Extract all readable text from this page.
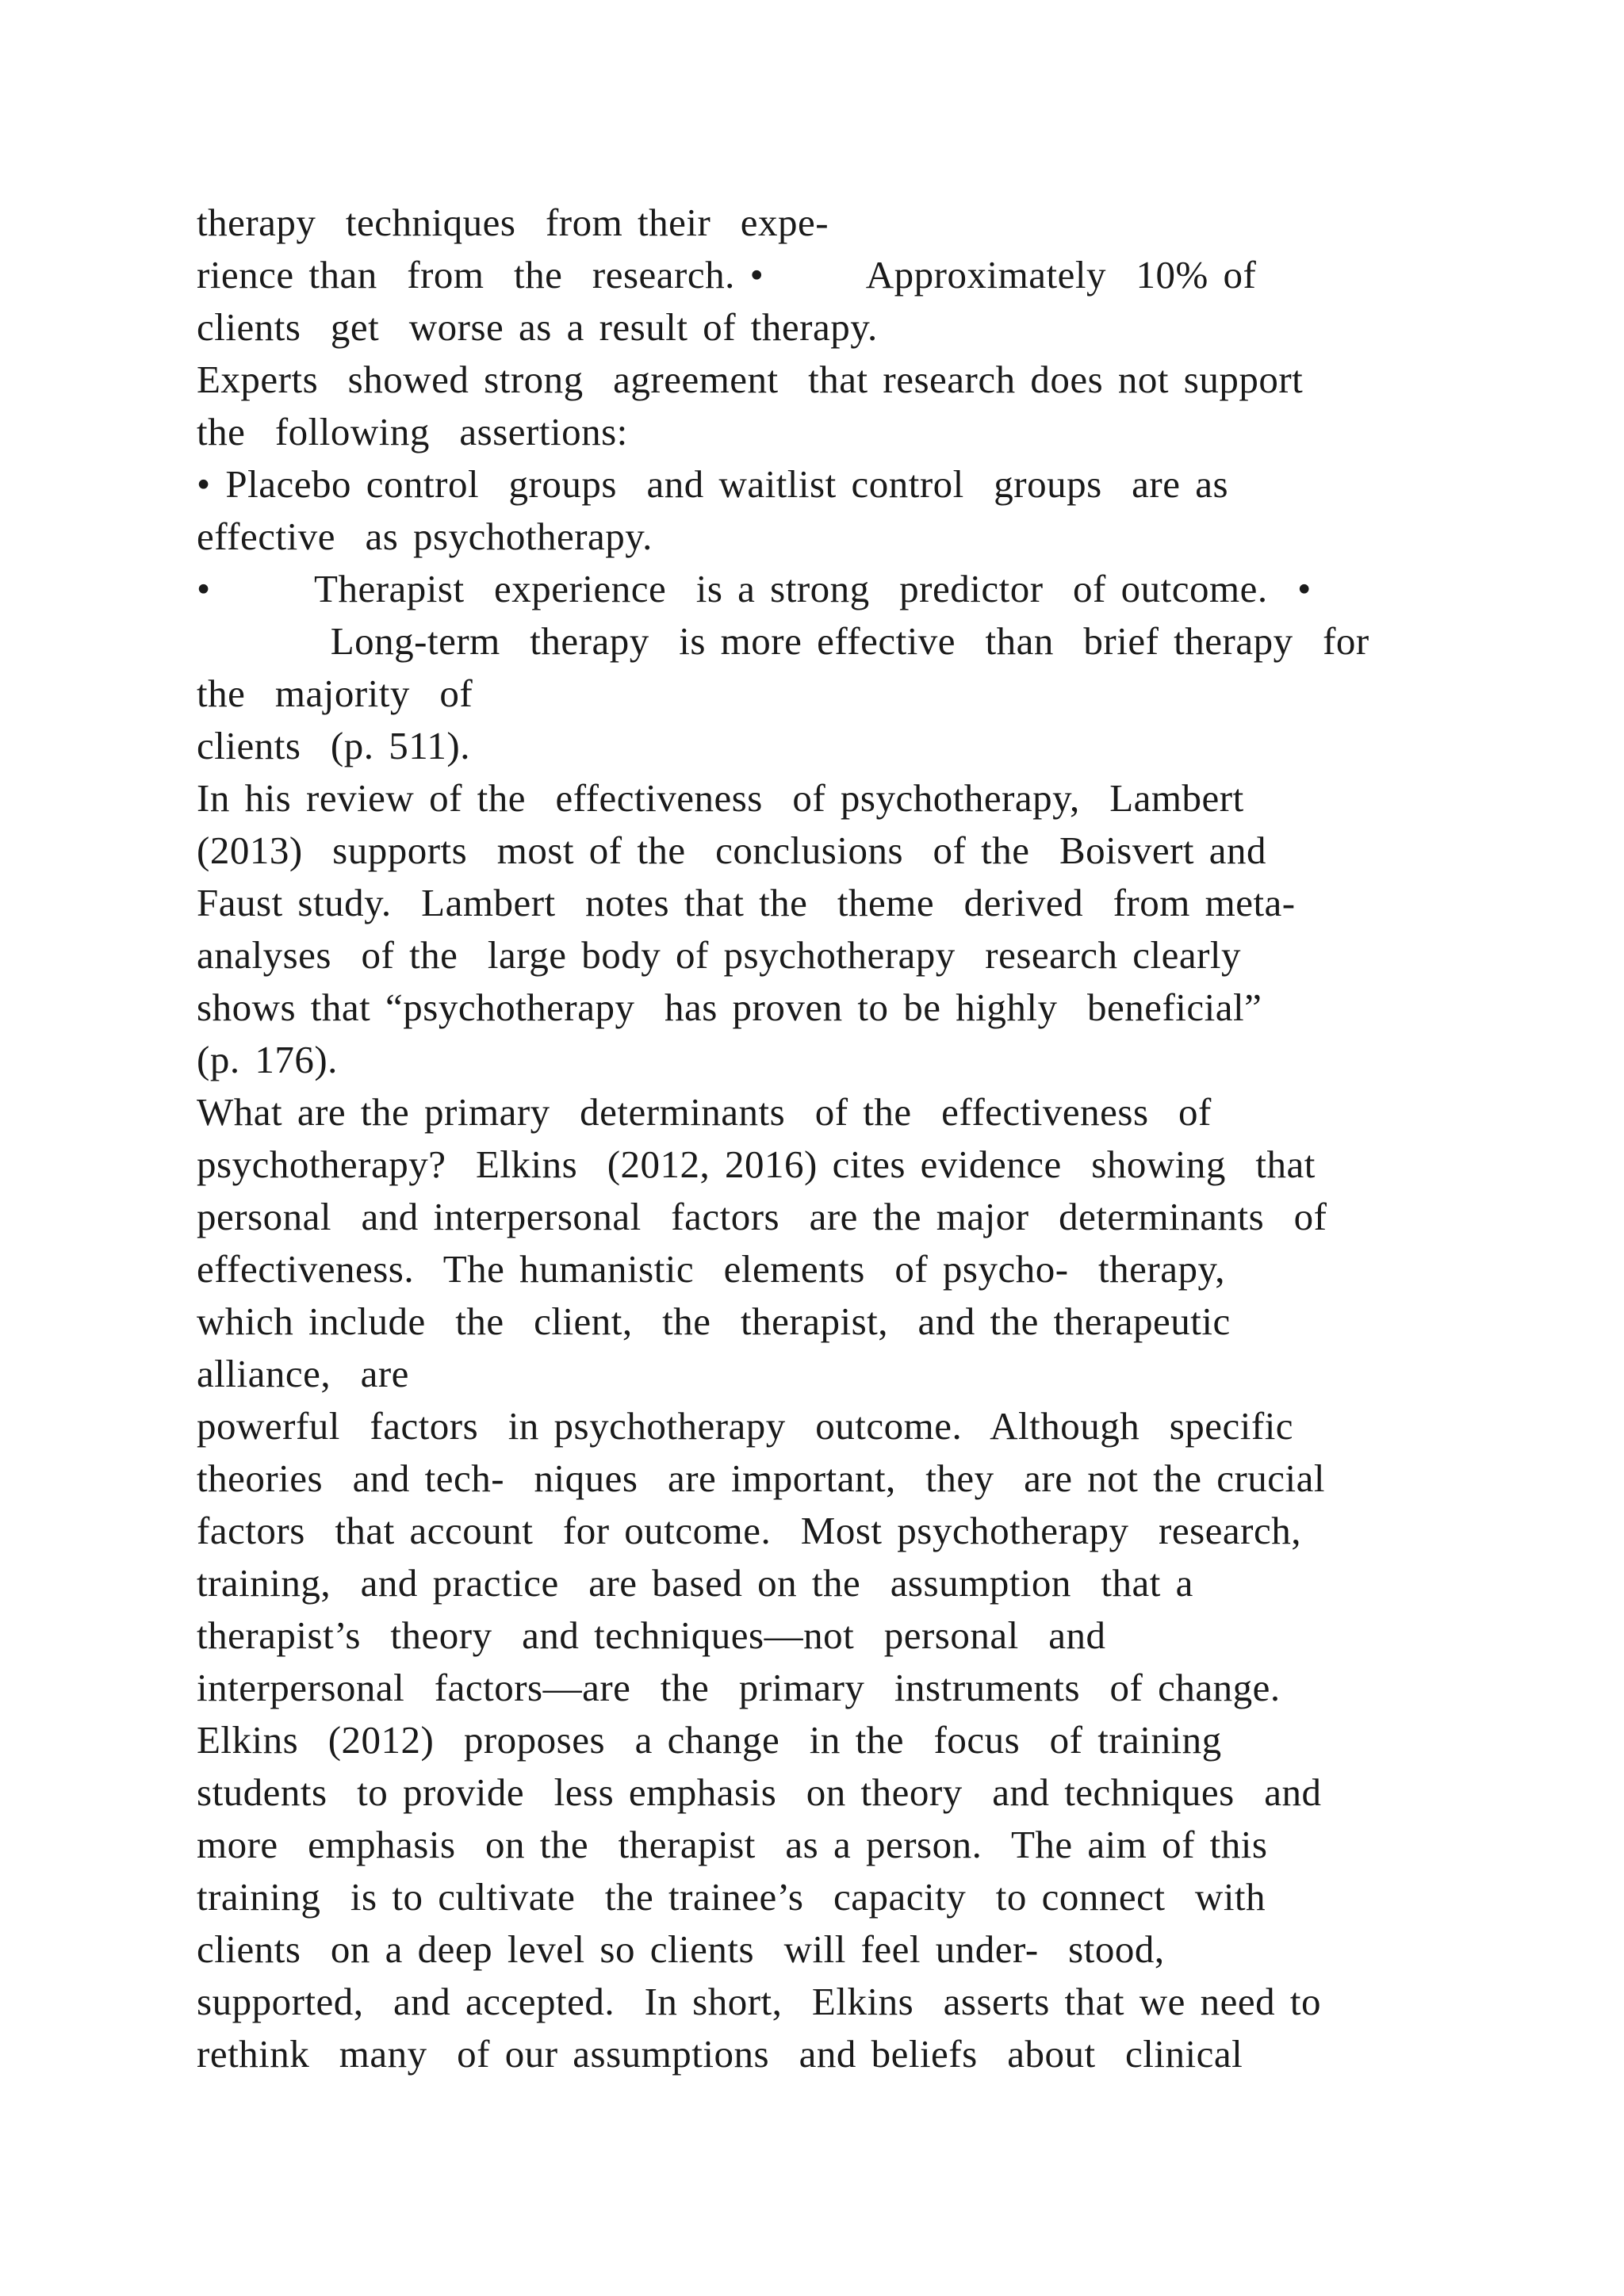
therapy  techniques  from their  expe-

rience than  from  the  research. •       Approximately  10% of

clients  get  worse as a result of therapy.

Experts  showed strong  agreement  that research does not support

the  following  assertions:

• Placebo control  groups  and waitlist control  groups  are as

effective  as psychotherapy.

•       Therapist  experience  is a strong  predictor  of outcome.  •

Long-term  therapy  is more effective  than  brief therapy  for

the  majority  of

clients  (p. 511).

In his review of the  effectiveness  of psychotherapy,  Lambert

(2013)  supports  most of the  conclusions  of the  Boisvert and

Faust study.  Lambert  notes that the  theme  derived  from meta-

analyses  of the  large body of psychotherapy  research clearly

shows that “psychotherapy  has proven to be highly  beneficial”

(p. 176).

What are the primary  determinants  of the  effectiveness  of

psychotherapy?  Elkins  (2012, 2016) cites evidence  showing  that

personal  and interpersonal  factors  are the major  determinants  of

effectiveness.  The humanistic  elements  of psycho-  therapy,

which include  the  client,  the  therapist,  and the therapeutic

alliance,  are

powerful  factors  in psychotherapy  outcome.  Although  specific

theories  and tech-  niques  are important,  they  are not the crucial

factors  that account  for outcome.  Most psychotherapy  research,

training,  and practice  are based on the  assumption  that a

therapist’s  theory  and techniques—not  personal  and

interpersonal  factors—are  the  primary  instruments  of change.

Elkins  (2012)  proposes  a change  in the  focus  of training

students  to provide  less emphasis  on theory  and techniques  and

more  emphasis  on the  therapist  as a person.  The aim of this

training  is to cultivate  the trainee’s  capacity  to connect  with

clients  on a deep level so clients  will feel under-  stood,

supported,  and accepted.  In short,  Elkins  asserts that we need to

rethink  many  of our assumptions  and beliefs  about  clinical
